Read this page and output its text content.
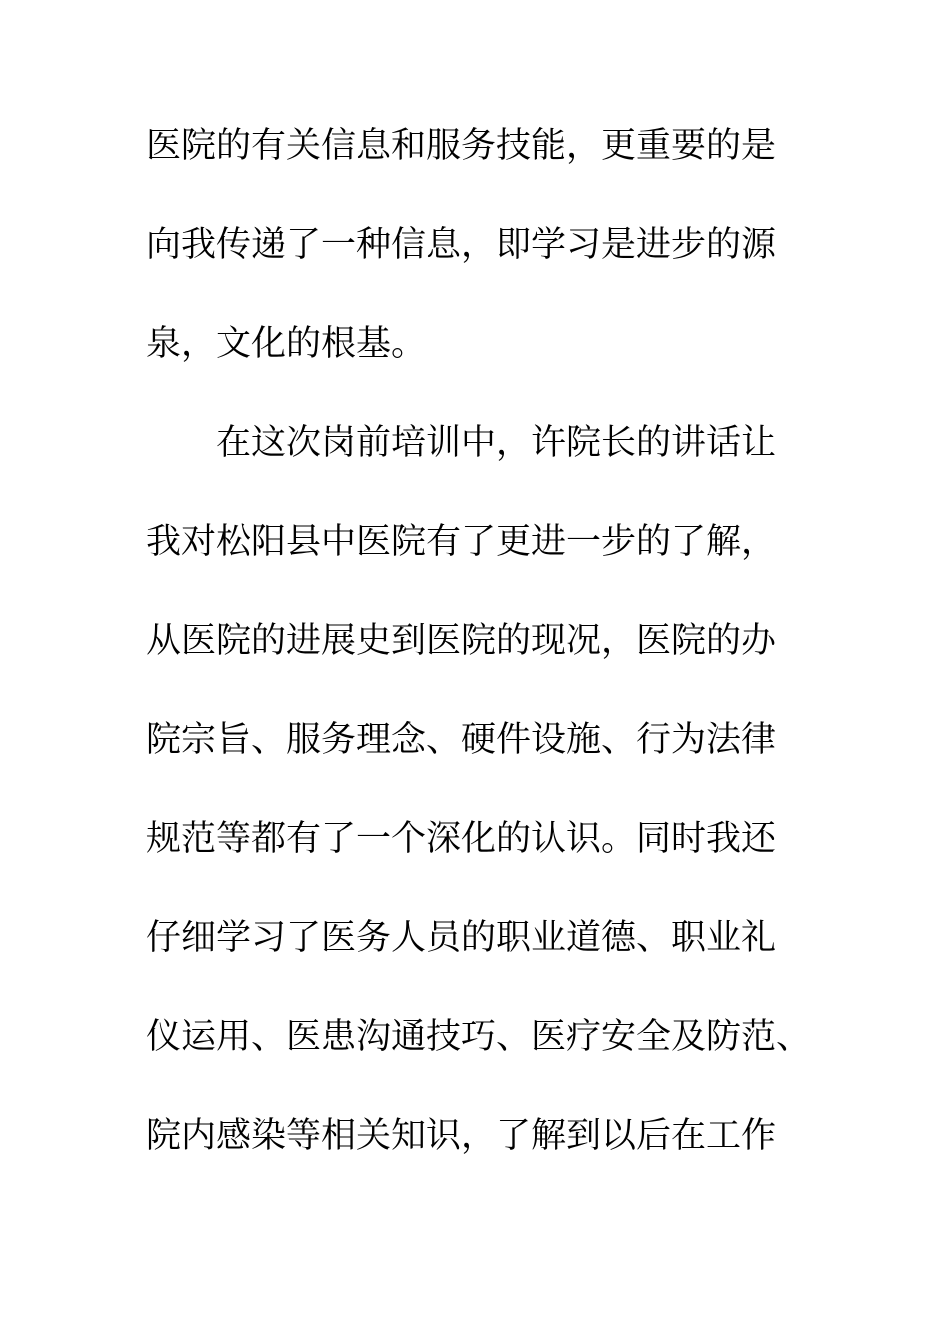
医院的有关信息和服务技能，更重要的是
向我传递了一种信息，即学习是进步的源
泉，文化的根基。
在这次岗前培训中，许院长的讲话让
我对松阳县中医院有了更进一步的了解，
从医院的进展史到医院的现况，医院的办
院宗旨、服务理念、硬件设施、行为法律
规范等都有了一个深化的认识。同时我还
仔细学习了医务人员的职业道德、职业礼
仪运用、医患沟通技巧、医疗安全及防范、
院内感染等相关知识，了解到以后在工作
